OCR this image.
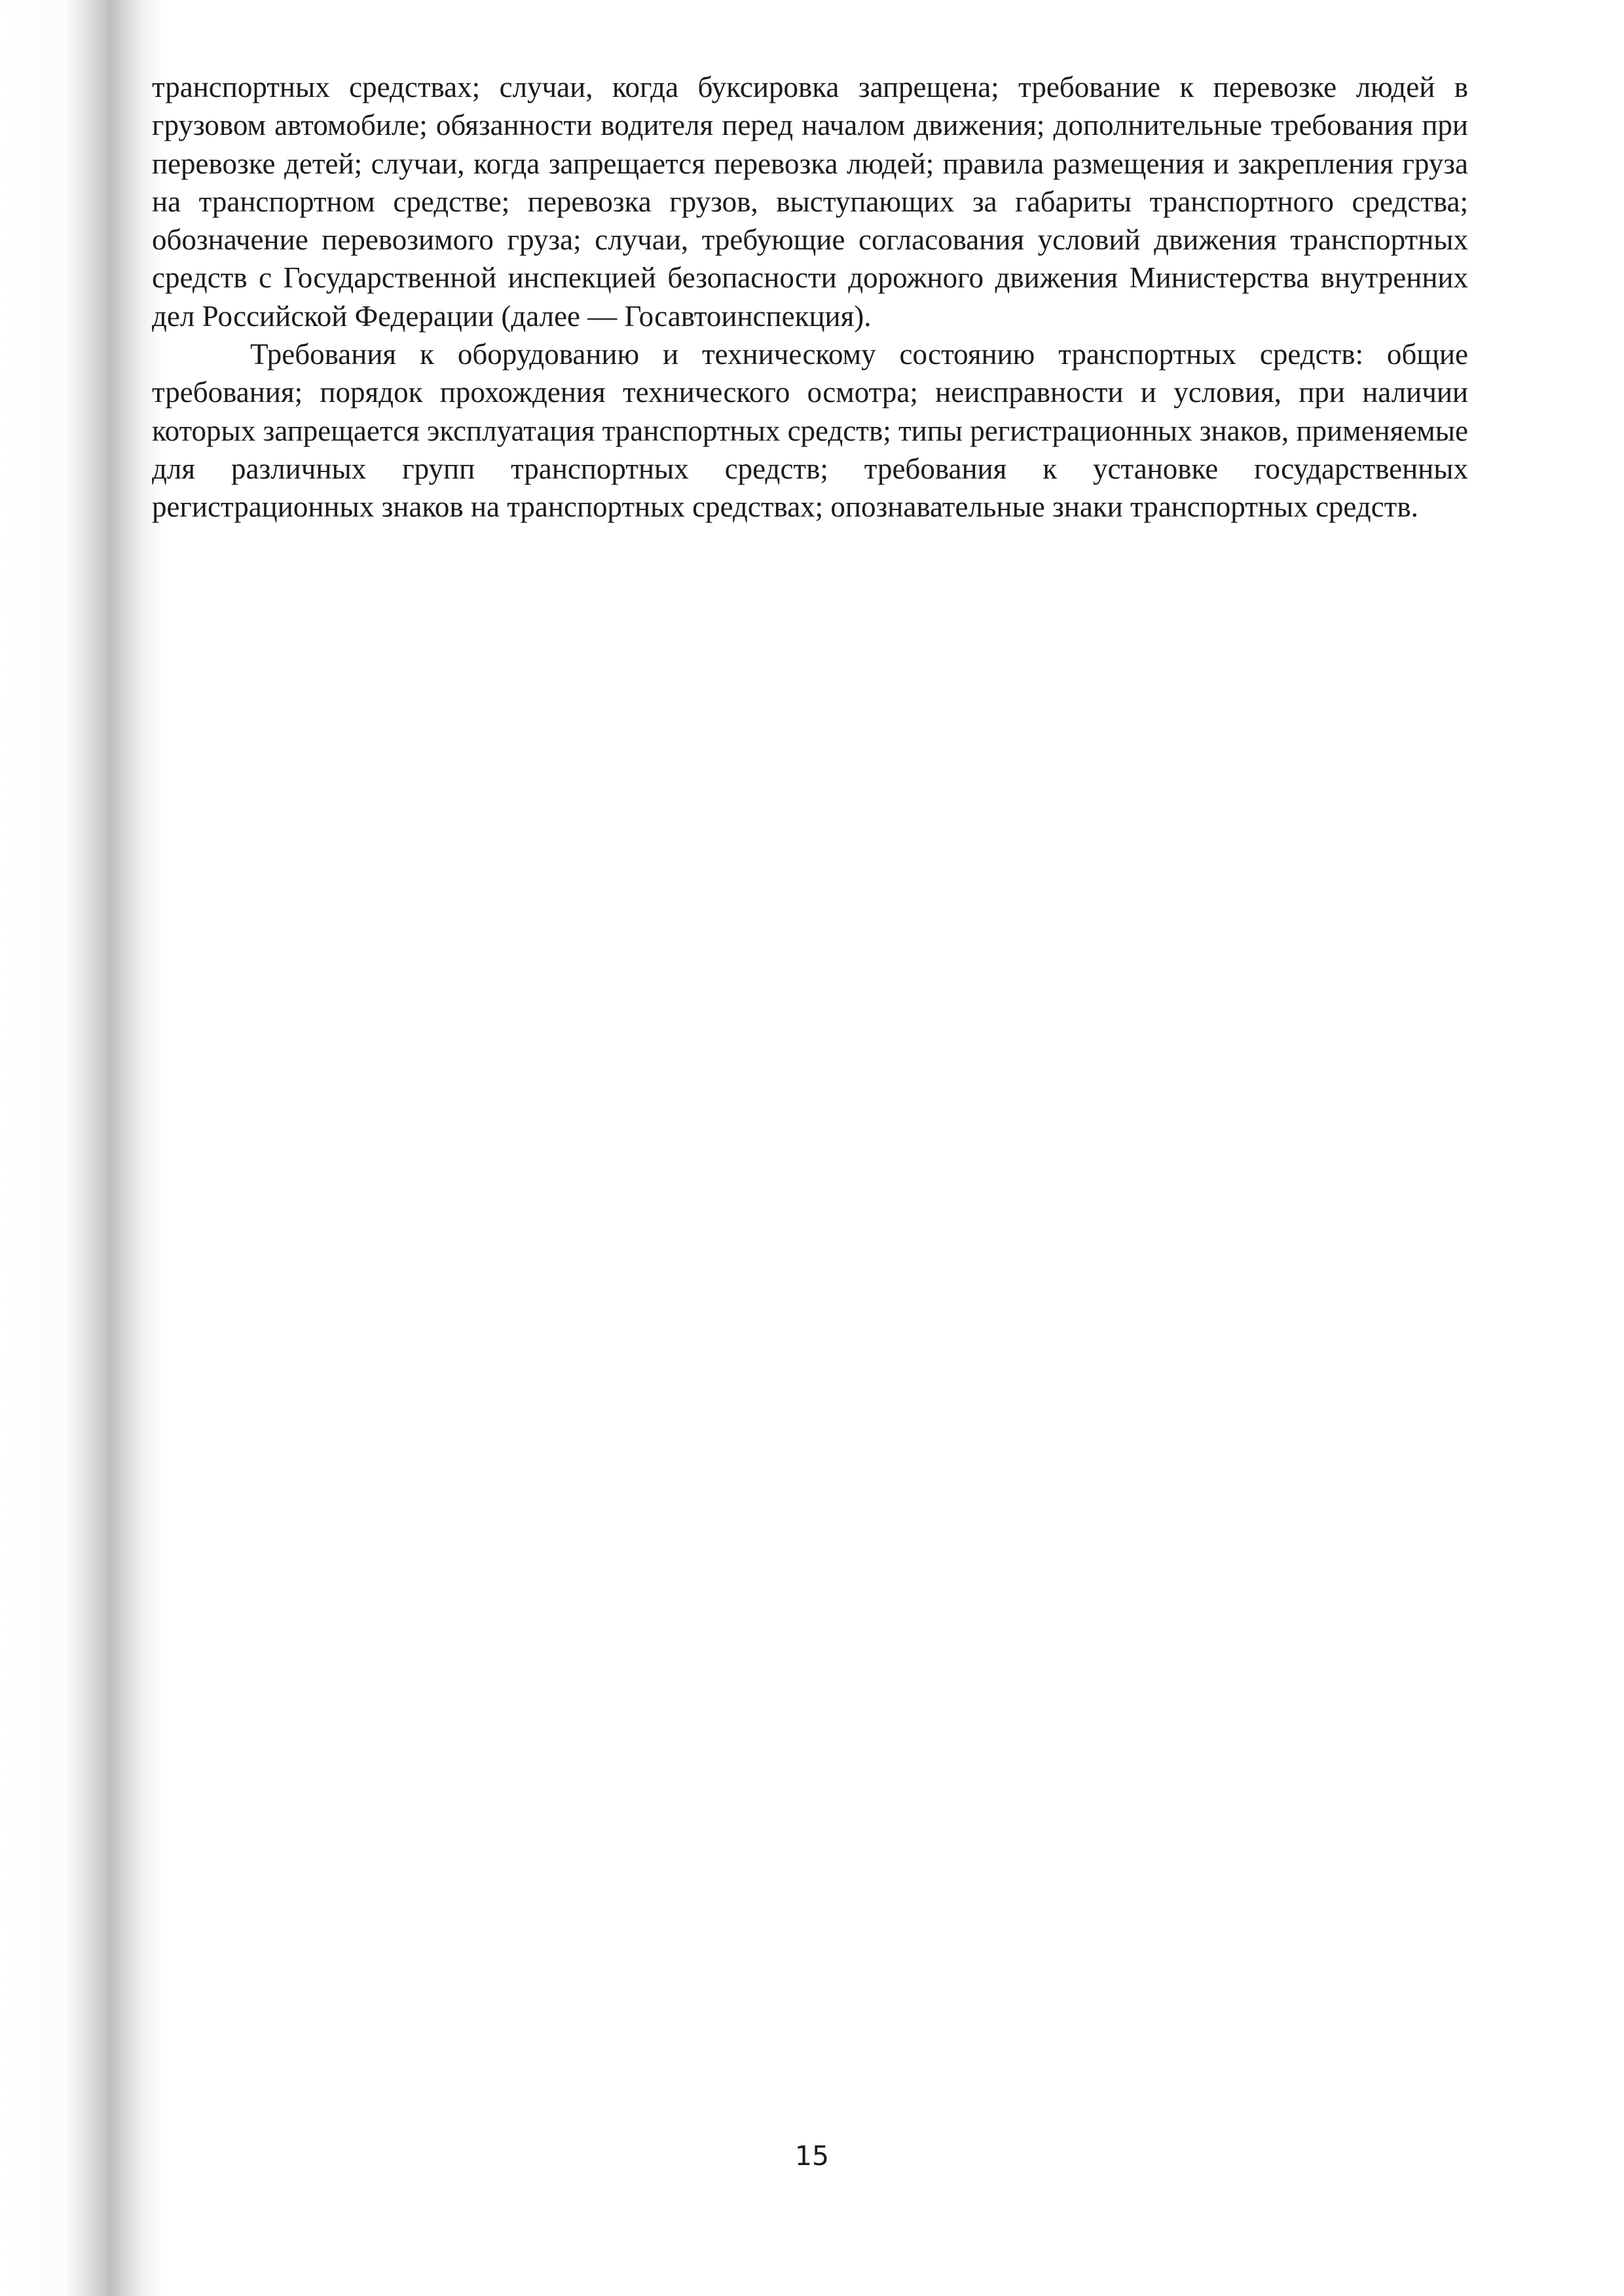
транспортных средствах; случаи, когда буксировка запрещена; требование к перевозке людей в грузовом автомобиле; обязанности водителя перед началом движения; дополнительные требования при перевозке детей; случаи, когда запрещается перевозка людей; правила размещения и закрепления груза на транспортном средстве; перевозка грузов, выступающих за габариты транспортного средства; обозначение перевозимого груза; случаи, требующие согласования условий движения транспортных средств с Государственной инспекцией безопасности дорожного движения Министерства внутренних дел Российской Федерации (далее — Госавтоинспекция).

Требования к оборудованию и техническому состоянию транспортных средств: общие требования; порядок прохождения технического осмотра; неисправности и условия, при наличии которых запрещается эксплуатация транспортных средств; типы регистрационных знаков, применяемые для различных групп транспортных средств; требования к установке государственных регистрационных знаков на транспортных средствах; опознавательные знаки транспортных средств.

15
